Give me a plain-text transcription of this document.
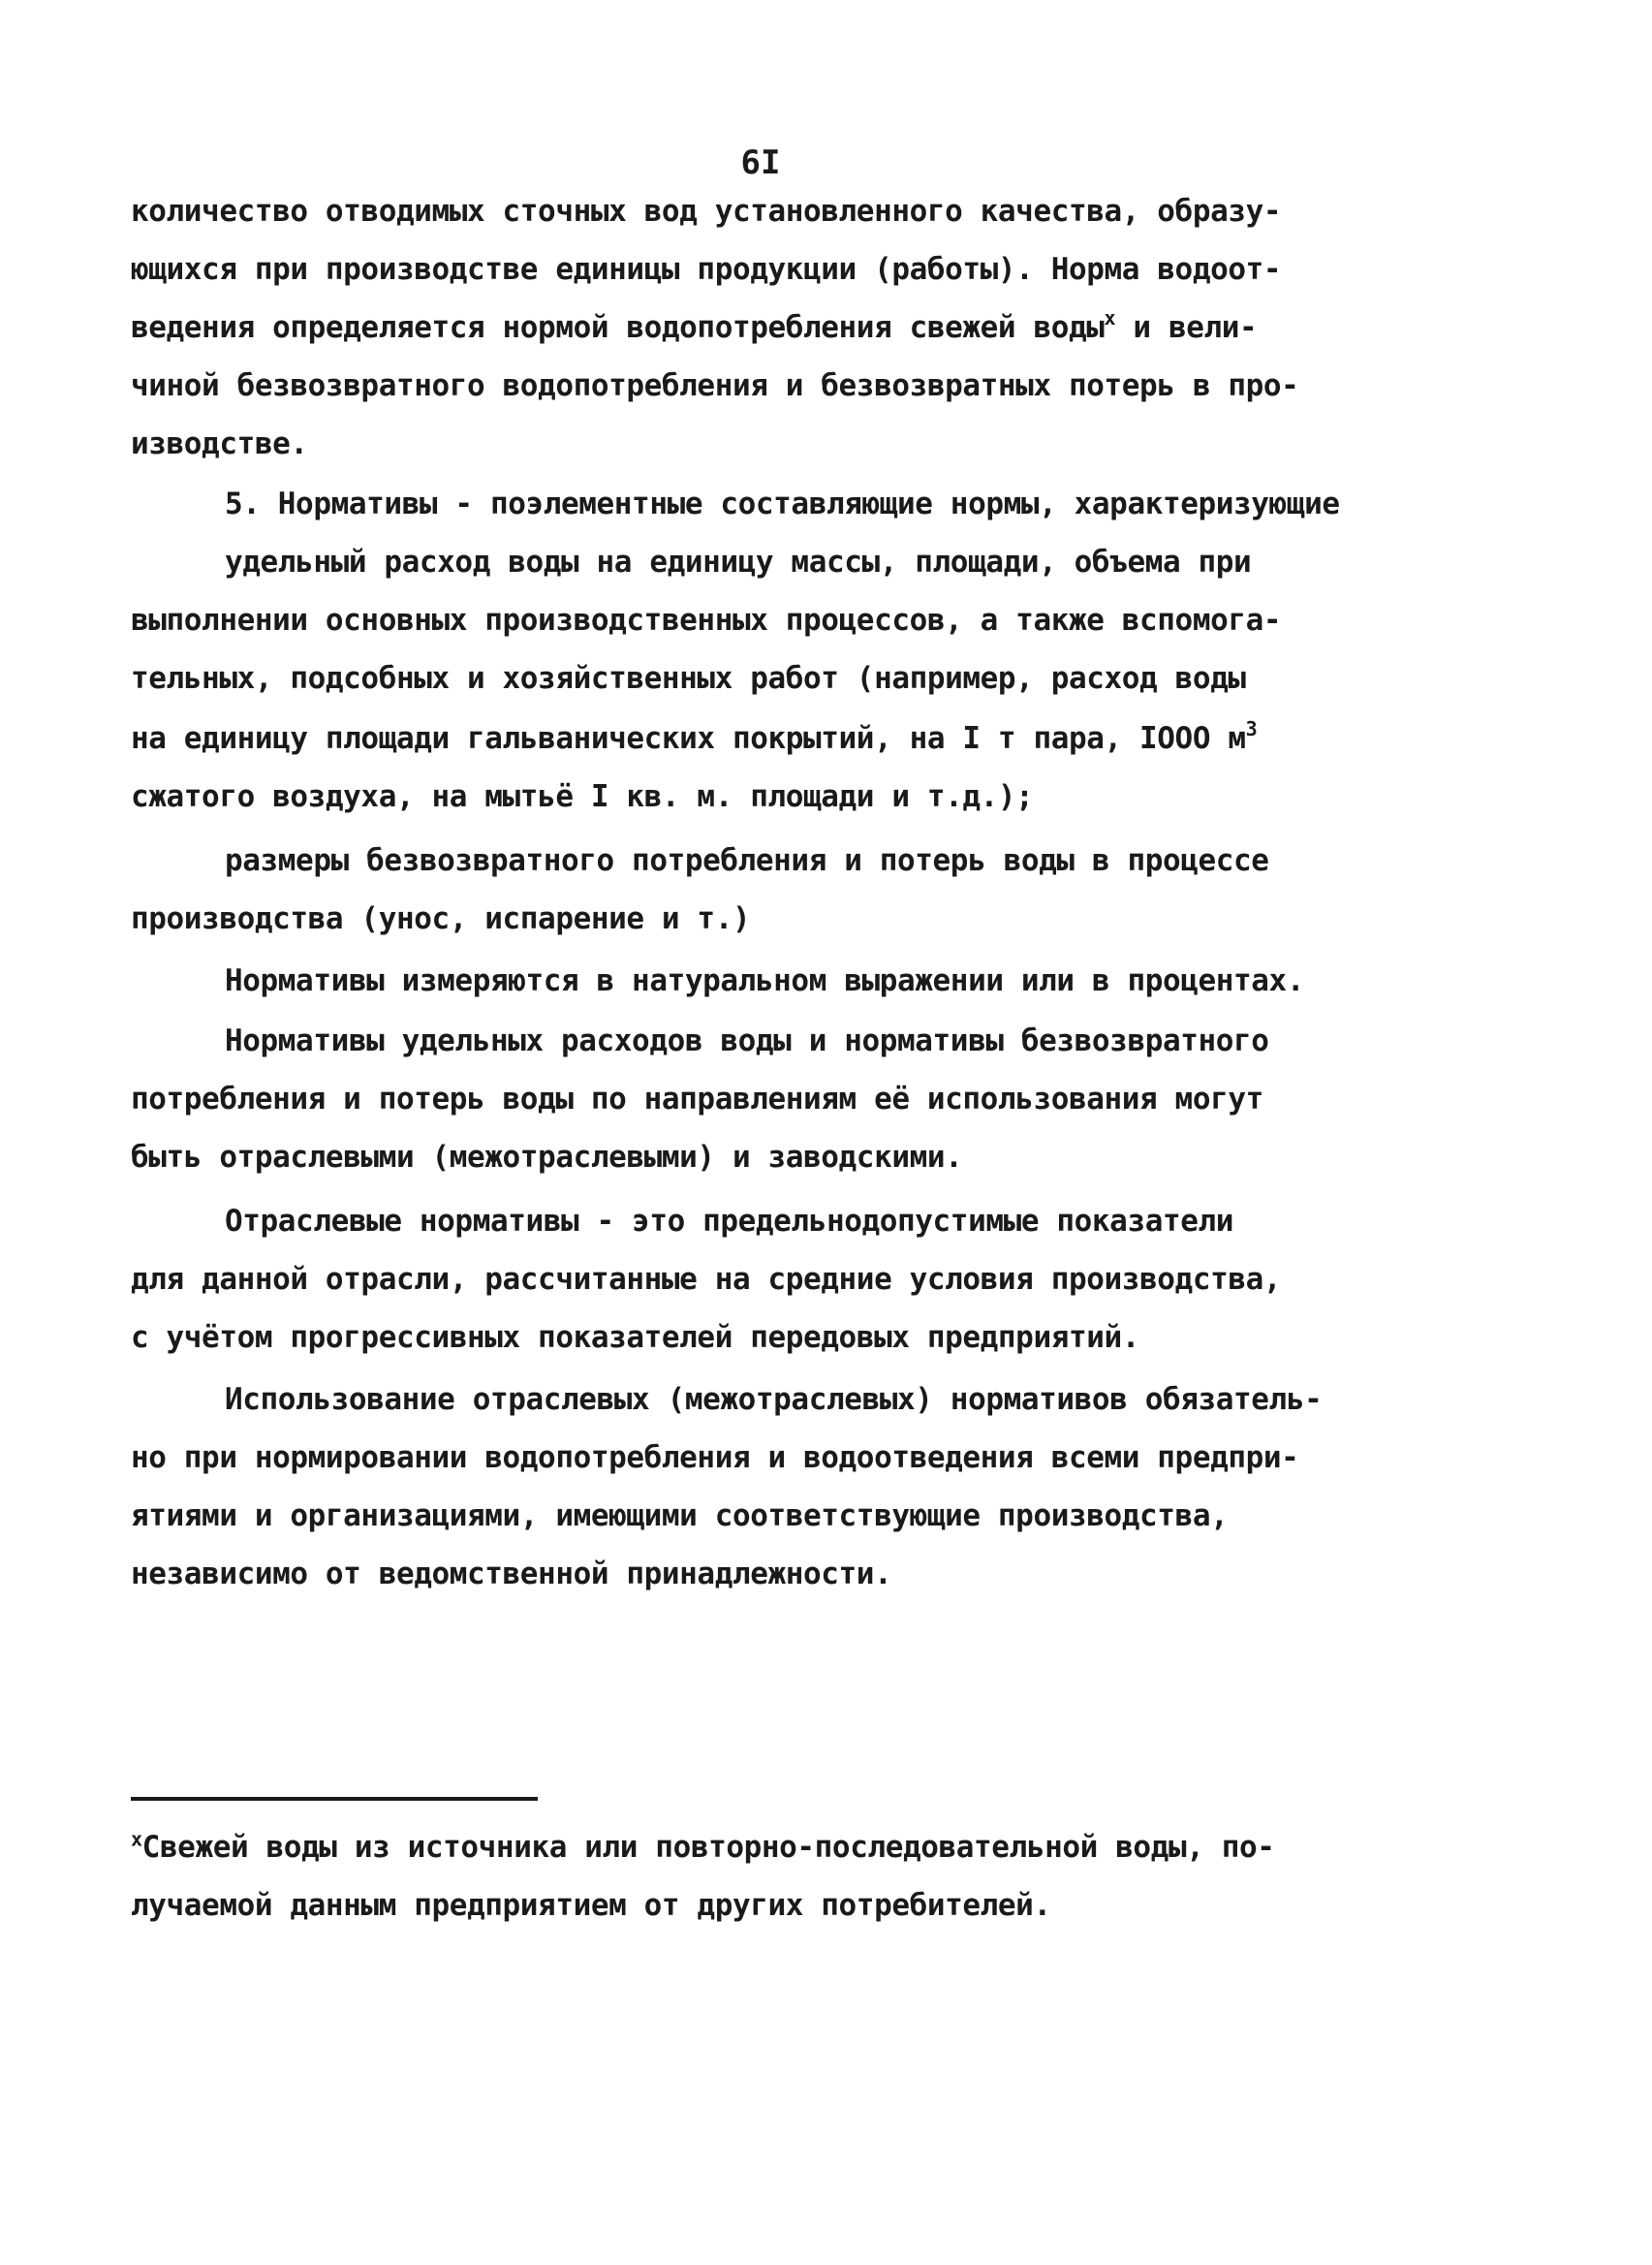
6I
количество отводимых сточных вод установленного качества, образу-
ющихся при производстве единицы продукции (работы). Норма водоот-
ведения определяется нормой водопотребления свежей воды$^x$ и вели-
чиной безвозвратного водопотребления и безвозвратных потерь в про-
изводстве.
5. Нормативы - поэлементные составляющие нормы, характеризующие
удельный расход воды на единицу массы, площади, объема при
выполнении основных производственных процессов, а также вспомога-
тельных, подсобных и хозяйственных работ (например, расход воды
на единицу площади гальванических покрытий, на I т пара, IOOO $м^3$
сжатого воздуха, на мытьё I кв. м. площади и т.д.);
размеры безвозвратного потребления и потерь воды в процессе
производства (унос, испарение и т.)
Нормативы измеряются в натуральном выражении или в процентах.
Нормативы удельных расходов воды и нормативы безвозвратного
потребления и потерь воды по направлениям её использования могут
быть отраслевыми (межотраслевыми) и заводскими.
Отраслевые нормативы - это предельнодопустимые показатели
для данной отрасли, рассчитанные на средние условия производства,
с учётом прогрессивных показателей передовых предприятий.
Использование отраслевых (межотраслевых) нормативов обязатель-
но при нормировании водопотребления и водоотведения всеми предпри-
ятиями и организациями, имеющими соответствующие производства,
независимо от ведомственной принадлежности.
$^x$Свежей воды из источника или повторно-последовательной воды, по-
лучаемой данным предприятием от других потребителей.
